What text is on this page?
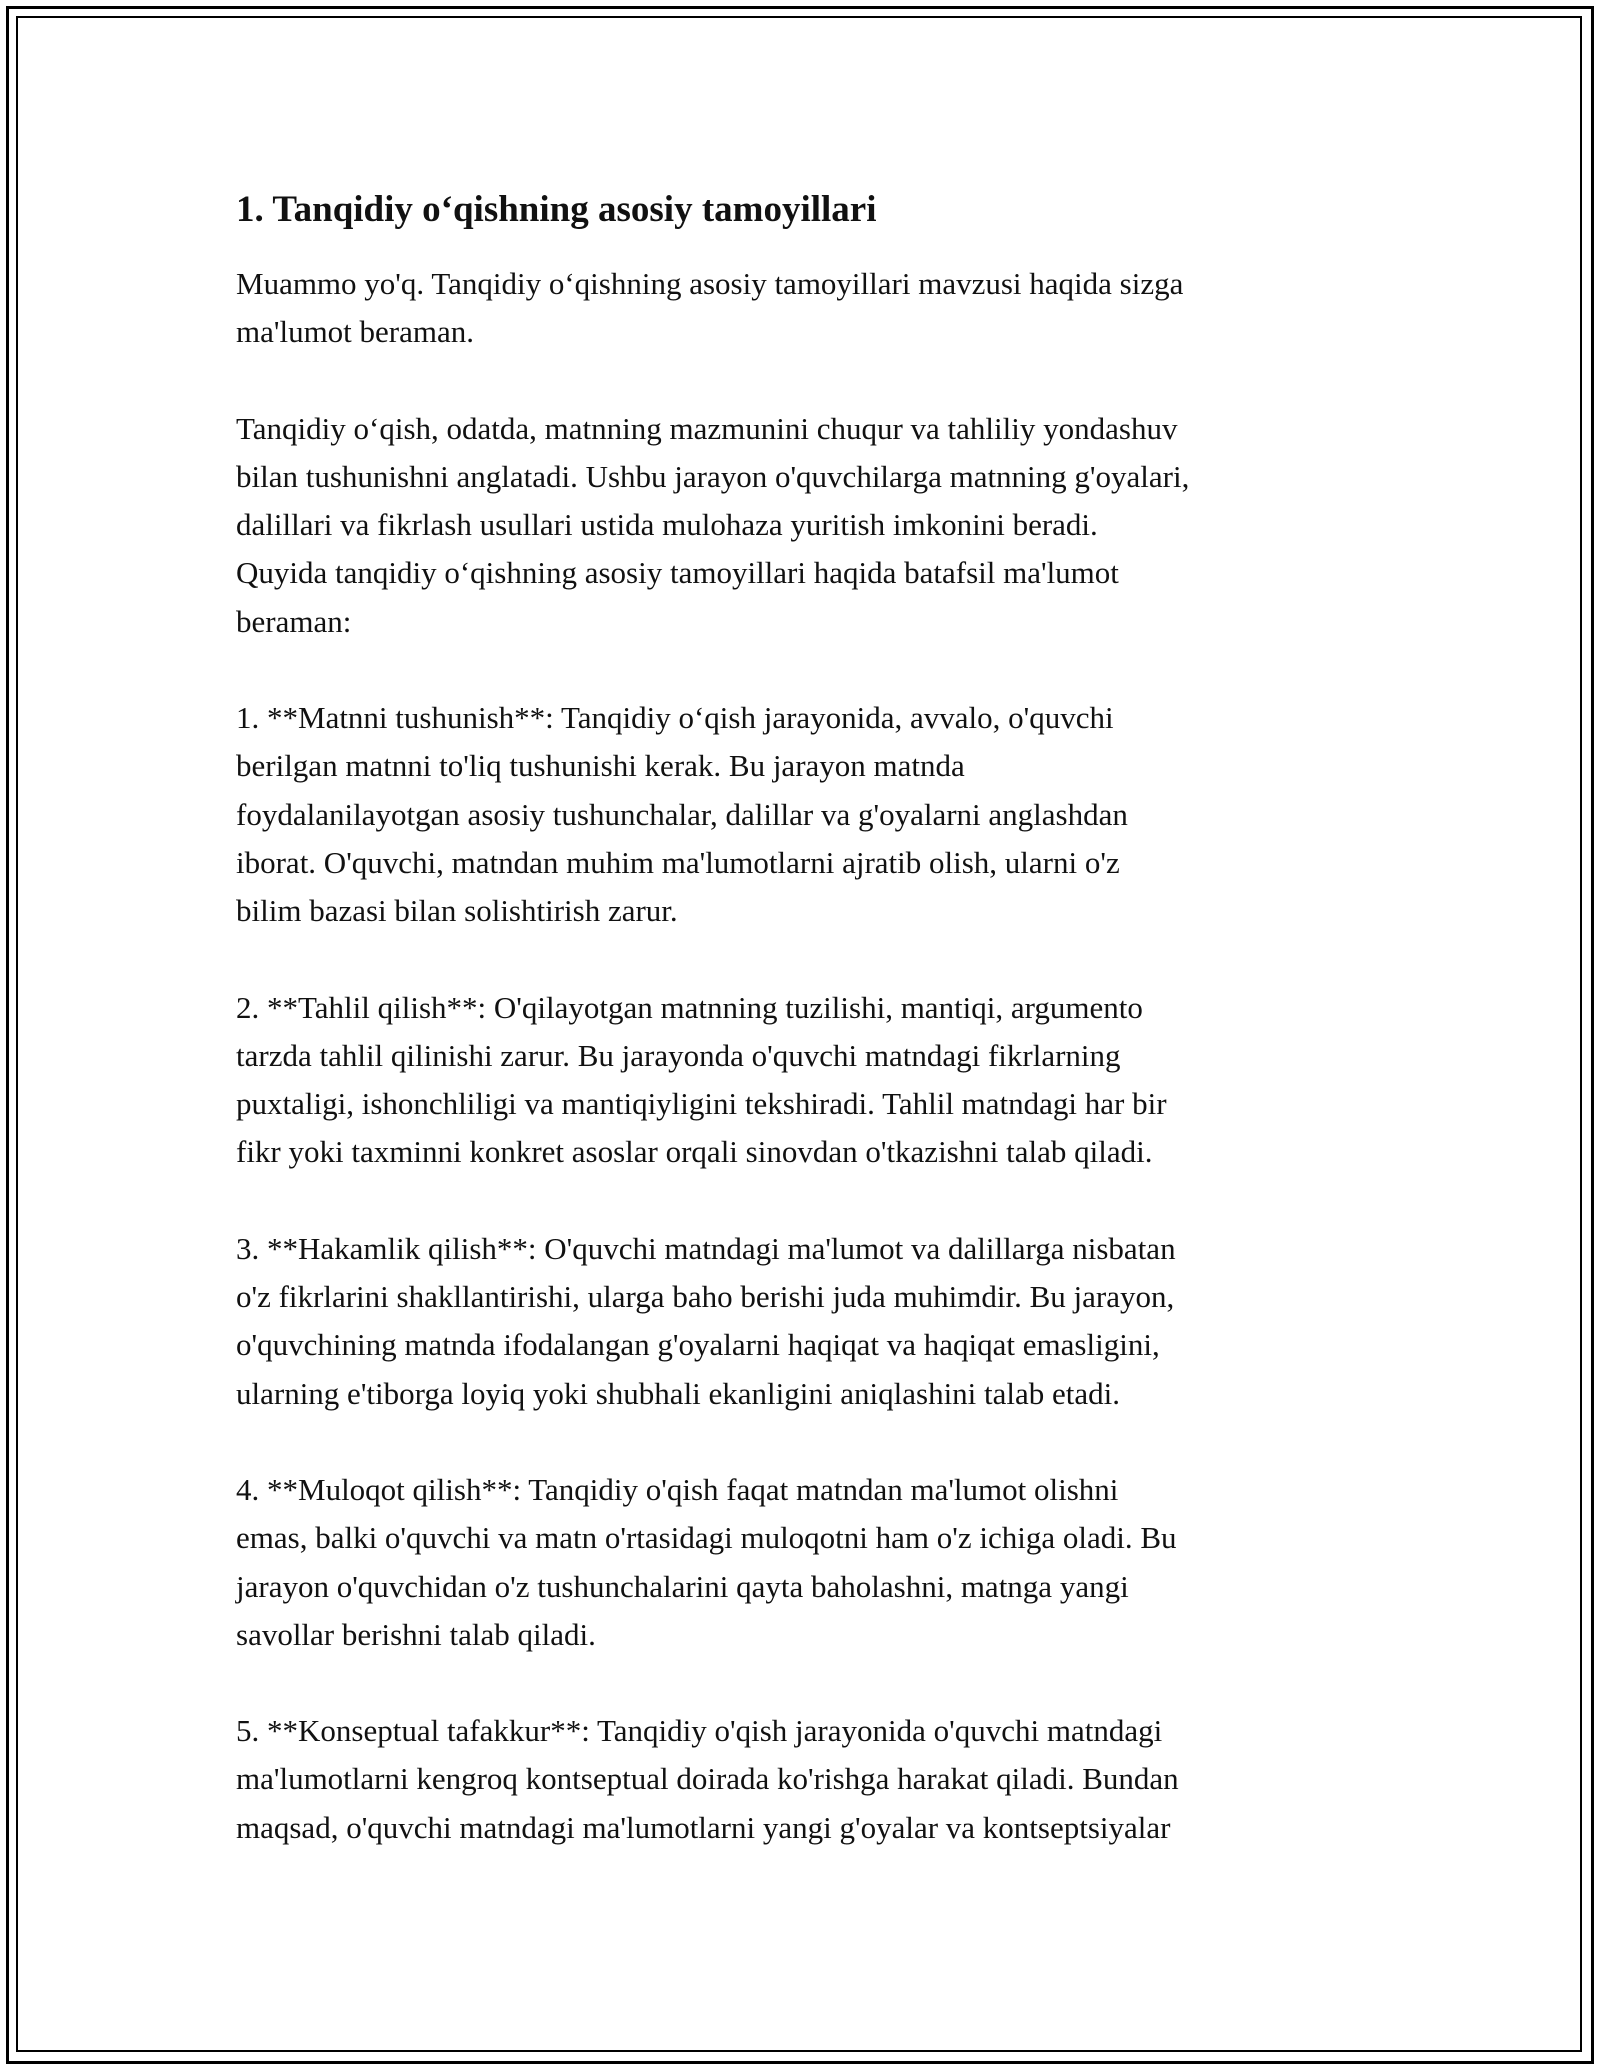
1. Tanqidiy o‘qishning asosiy tamoyillari

Muammo yo'q. Tanqidiy o‘qishning asosiy tamoyillari mavzusi haqida sizga
ma'lumot beraman.

Tanqidiy o‘qish, odatda, matnning mazmunini chuqur va tahliliy yondashuv
bilan tushunishni anglatadi. Ushbu jarayon o'quvchilarga matnning g'oyalari,
dalillari va fikrlash usullari ustida mulohaza yuritish imkonini beradi.
Quyida tanqidiy o‘qishning asosiy tamoyillari haqida batafsil ma'lumot
beraman:

1. **Matnni tushunish**: Tanqidiy o‘qish jarayonida, avvalo, o'quvchi
berilgan matnni to'liq tushunishi kerak. Bu jarayon matnda
foydalanilayotgan asosiy tushunchalar, dalillar va g'oyalarni anglashdan
iborat. O'quvchi, matndan muhim ma'lumotlarni ajratib olish, ularni o'z
bilim bazasi bilan solishtirish zarur.

2. **Tahlil qilish**: O'qilayotgan matnning tuzilishi, mantiqi, argumento
tarzda tahlil qilinishi zarur. Bu jarayonda o'quvchi matndagi fikrlarning
puxtaligi, ishonchliligi va mantiqiyligini tekshiradi. Tahlil matndagi har bir
fikr yoki taxminni konkret asoslar orqali sinovdan o'tkazishni talab qiladi.

3. **Hakamlik qilish**: O'quvchi matndagi ma'lumot va dalillarga nisbatan
o'z fikrlarini shakllantirishi, ularga baho berishi juda muhimdir. Bu jarayon,
o'quvchining matnda ifodalangan g'oyalarni haqiqat va haqiqat emasligini,
ularning e'tiborga loyiq yoki shubhali ekanligini aniqlashini talab etadi.

4. **Muloqot qilish**: Tanqidiy o'qish faqat matndan ma'lumot olishni
emas, balki o'quvchi va matn o'rtasidagi muloqotni ham o'z ichiga oladi. Bu
jarayon o'quvchidan o'z tushunchalarini qayta baholashni, matnga yangi
savollar berishni talab qiladi.

5. **Konseptual tafakkur**: Tanqidiy o'qish jarayonida o'quvchi matndagi
ma'lumotlarni kengroq kontseptual doirada ko'rishga harakat qiladi. Bundan
maqsad, o'quvchi matndagi ma'lumotlarni yangi g'oyalar va kontseptsiyalar
